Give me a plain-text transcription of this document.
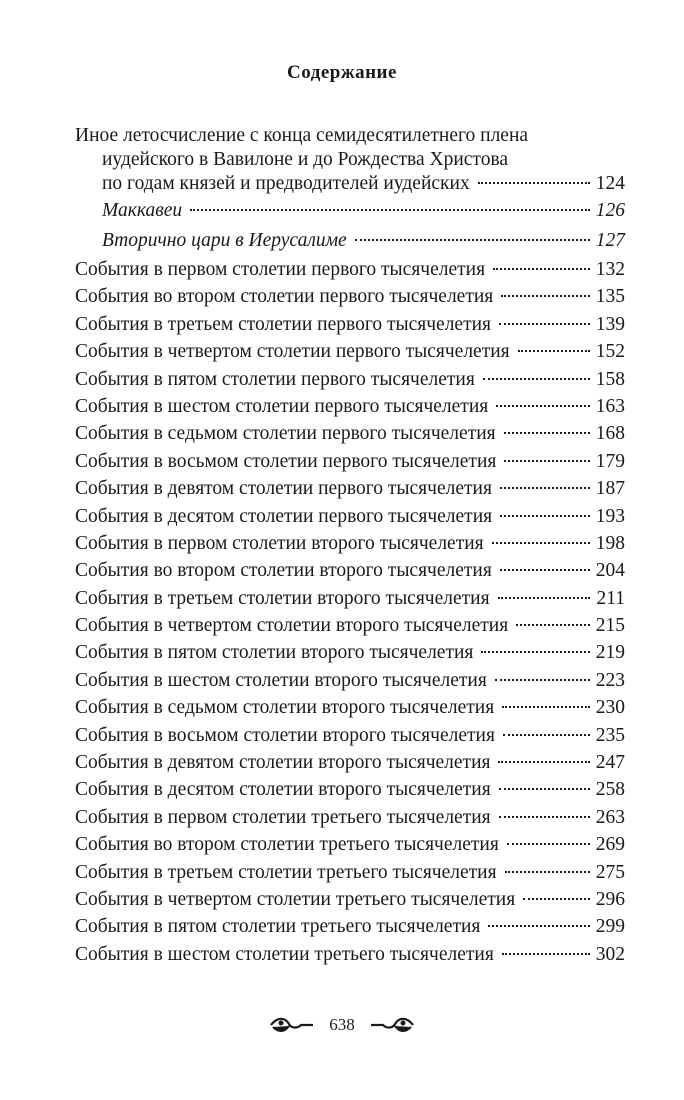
Содержание
Иное летосчисление с конца семидесятилетнего плена
иудейского в Вавилоне и до Рождества Христова
по годам князей и предводителей иудейских	124
Маккавеи	126
Вторично цари в Иерусалиме	127
События в первом столетии первого тысячелетия	132
События во втором столетии первого тысячелетия	135
События в третьем столетии первого тысячелетия	139
События в четвертом столетии первого тысячелетия	152
События в пятом столетии первого тысячелетия	158
События в шестом столетии первого тысячелетия	163
События в седьмом столетии первого тысячелетия	168
События в восьмом столетии первого тысячелетия	179
События в девятом столетии первого тысячелетия	187
События в десятом столетии первого тысячелетия	193
События в первом столетии второго тысячелетия	198
События во втором столетии второго тысячелетия	204
События в третьем столетии второго тысячелетия	211
События в четвертом столетии второго тысячелетия	215
События в пятом столетии второго тысячелетия	219
События в шестом столетии второго тысячелетия	223
События в седьмом столетии второго тысячелетия	230
События в восьмом столетии второго тысячелетия	235
События в девятом столетии второго тысячелетия	247
События в десятом столетии второго тысячелетия	258
События в первом столетии третьего тысячелетия	263
События во втором столетии третьего тысячелетия	269
События в третьем столетии третьего тысячелетия	275
События в четвертом столетии третьего тысячелетия	296
События в пятом столетии третьего тысячелетия	299
События в шестом столетии третьего тысячелетия	302
638
